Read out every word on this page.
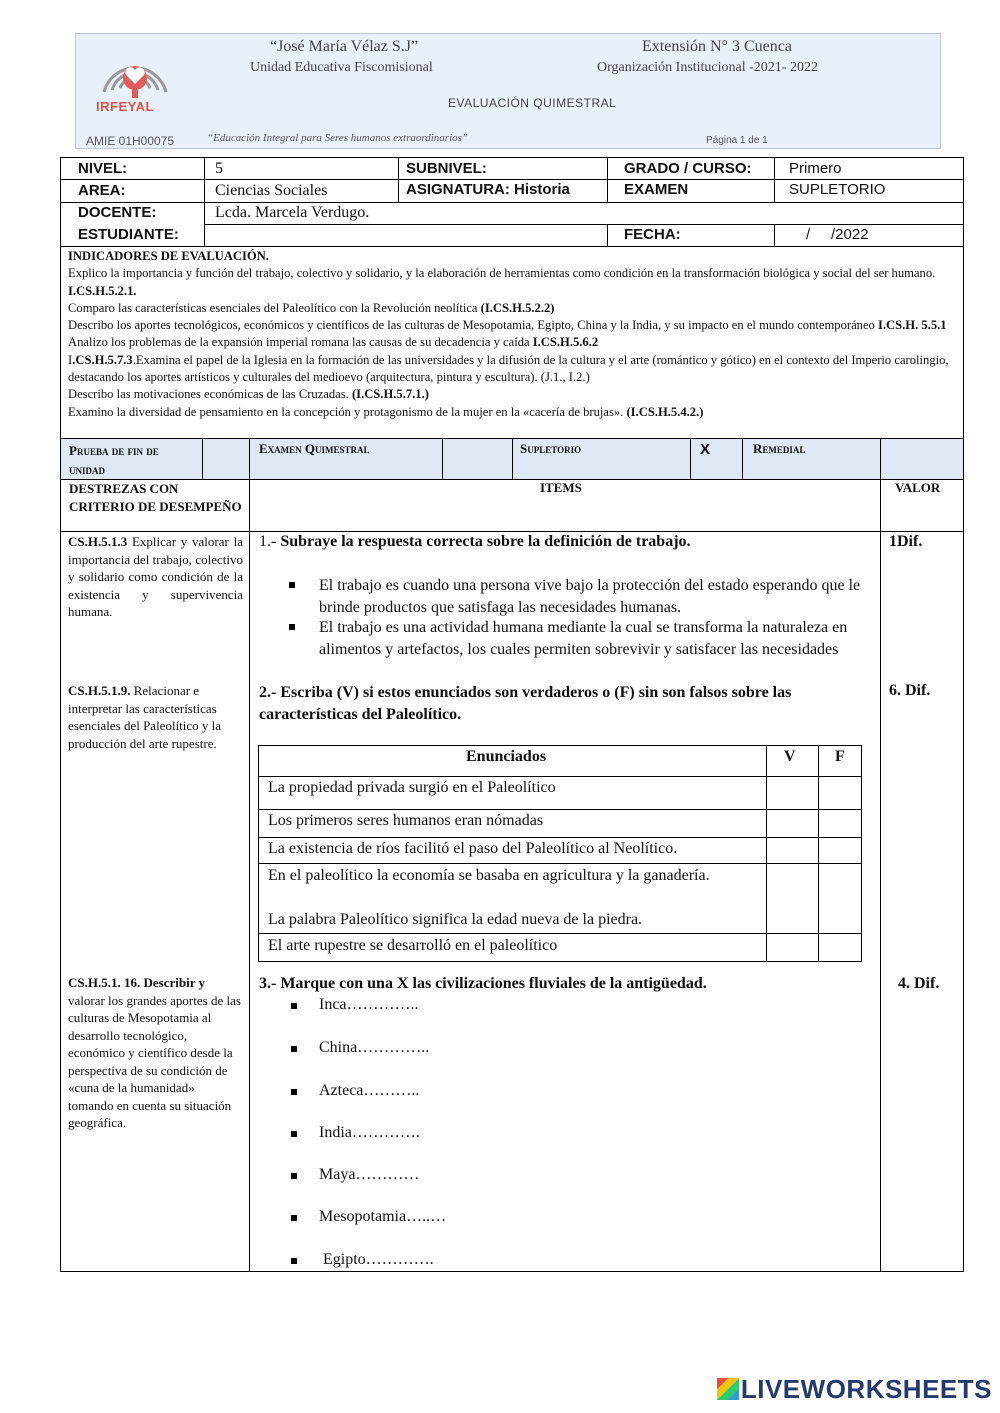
IRFEYAL
“José María Vélaz S.J”
Unidad Educativa Fiscomisional
Extensión N° 3 Cuenca
Organización Institucional -2021- 2022
EVALUACIÓN QUIMESTRAL
AMIE 01H00075	“Educación Integral para Seres humanos extraordinarios”	Página 1 de 1
NIVEL:	5	SUBNIVEL:	GRADO / CURSO:	Primero
AREA:	Ciencias Sociales	ASIGNATURA: Historia	EXAMEN	SUPLETORIO
DOCENTE:	Lcda. Marcela Verdugo.
ESTUDIANTE:	FECHA:	/     /2022

INDICADORES DE EVALUACIÓN.

Explico la importancia y función del trabajo, colectivo y solidario, y la elaboración de herramientas como condición en la transformación biológica y social del ser humano. I.CS.H.5.2.1.

Comparo las características esenciales del Paleolítico con la Revolución neolítica (I.CS.H.5.2.2)

Describo los aportes tecnológicos, económicos y científicos de las culturas de Mesopotamia, Egipto, China y la India, y su impacto en el mundo contemporáneo I.CS.H. 5.5.1

Analizo los problemas de la expansión imperial romana las causas de su decadencia y caída I.CS.H.5.6.2

I.CS.H.5.7.3.Examina el papel de la Iglesia en la formación de las universidades y la difusión de la cultura y el arte (romántico y gótico) en el contexto del Imperio carolingio, destacando los aportes artísticos y culturales del medioevo (arquitectura, pintura y escultura). (J.1., I.2.)

Describo las motivaciones económicas de las Cruzadas. (I.CS.H.5.7.1.)

Examino la diversidad de pensamiento en la concepción y protagonismo de la mujer en la «cacería de brujas». (I.CS.H.5.4.2.)

Prueba de fin de unidad
Examen Quimestral	Supletorio	X	Remedial
DESTREZAS CON CRITERIO DE DESEMPEÑO
ITEMS	VALOR
CS.H.5.1.3 Explicar y valorar la importancia del trabajo, colectivo y solidario como condición de la existencia y supervivencia humana.
1.- Subraye la respuesta correcta sobre la definición de trabajo.	1Dif.
El trabajo es cuando una persona vive bajo la protección del estado esperando que le brinde productos que satisfaga las necesidades humanas.
El trabajo es una actividad humana mediante la cual se transforma la naturaleza en alimentos y artefactos, los cuales permiten sobrevivir y satisfacer las necesidades
CS.H.5.1.9. Relacionar e interpretar las características esenciales del Paleolítico y la producción del arte rupestre.
2.- Escriba (V) si estos enunciados son verdaderos o (F) sin son falsos sobre las características del Paleolítico.
6. Dif.
Enunciados	V F
La propiedad privada surgió en el Paleolítico
Los primeros seres humanos eran nómadas
La existencia de ríos facilitó el paso del Paleolítico al Neolítico.
En el paleolítico la economía se basaba en agricultura y la ganadería.
La palabra Paleolítico significa la edad nueva de la piedra.
El arte rupestre se desarrolló en el paleolítico
CS.H.5.1. 16. Describir y
valorar los grandes aportes de las culturas de Mesopotamia al desarrollo tecnológico, económico y científico desde la perspectiva de su condición de «cuna de la humanidad» tomando en cuenta su situación geográfica.
3.- Marque con una X las civilizaciones fluviales de la antigüedad.	4. Dif.
Inca…………..
China…………..
Azteca………..
India………….
Maya…………
Mesopotamia…..…
Egipto………….
LIVEWORKSHEETS
